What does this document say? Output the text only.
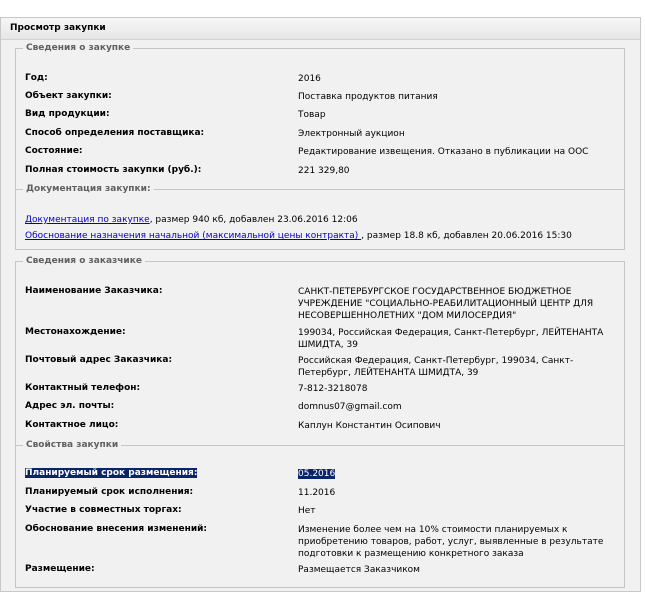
Просмотр закупки
Сведения о закупке
Год:	2016
Объект закупки:	Поставка продуктов питания
Вид продукции:	Товар
Способ определения поставщика:	Электронный аукцион
Состояние:	Редактирование извещения. Отказано в публикации на ООС
Полная стоимость закупки (руб.):	221 329,80
Документация закупки:
Документация по закупке, размер 940 кб, добавлен 23.06.2016 12:06
Обоснование назначения начальной (максимальной цены контракта) , размер 18.8 кб, добавлен 20.06.2016 15:30
Сведения о заказчике
Наименование Заказчика:	САНКТ-ПЕТЕРБУРГСКОЕ ГОСУДАРСТВЕННОЕ БЮДЖЕТНОЕ УЧРЕЖДЕНИЕ "СОЦИАЛЬНО-РЕАБИЛИТАЦИОННЫЙ ЦЕНТР ДЛЯ НЕСОВЕРШЕННОЛЕТНИХ "ДОМ МИЛОСЕРДИЯ"
Местонахождение:	199034, Российская Федерация, Санкт-Петербург, ЛЕЙТЕНАНТА ШМИДТА, 39
Почтовый адрес Заказчика:	Российская Федерация, Санкт-Петербург, 199034, Санкт-Петербург, ЛЕЙТЕНАНТА ШМИДТА, 39
Контактный телефон:	7-812-3218078
Адрес эл. почты:	domnus07@gmail.com
Контактное лицо:	Каплун Константин Осипович
Свойства закупки
Планируемый срок размещения:	05.2016
Планируемый срок исполнения:	11.2016
Участие в совместных торгах:	Нет
Обоснование внесения изменений:	Изменение более чем на 10% стоимости планируемых к приобретению товаров, работ, услуг, выявленные в результате подготовки к размещению конкретного заказа
Размещение:	Размещается Заказчиком
